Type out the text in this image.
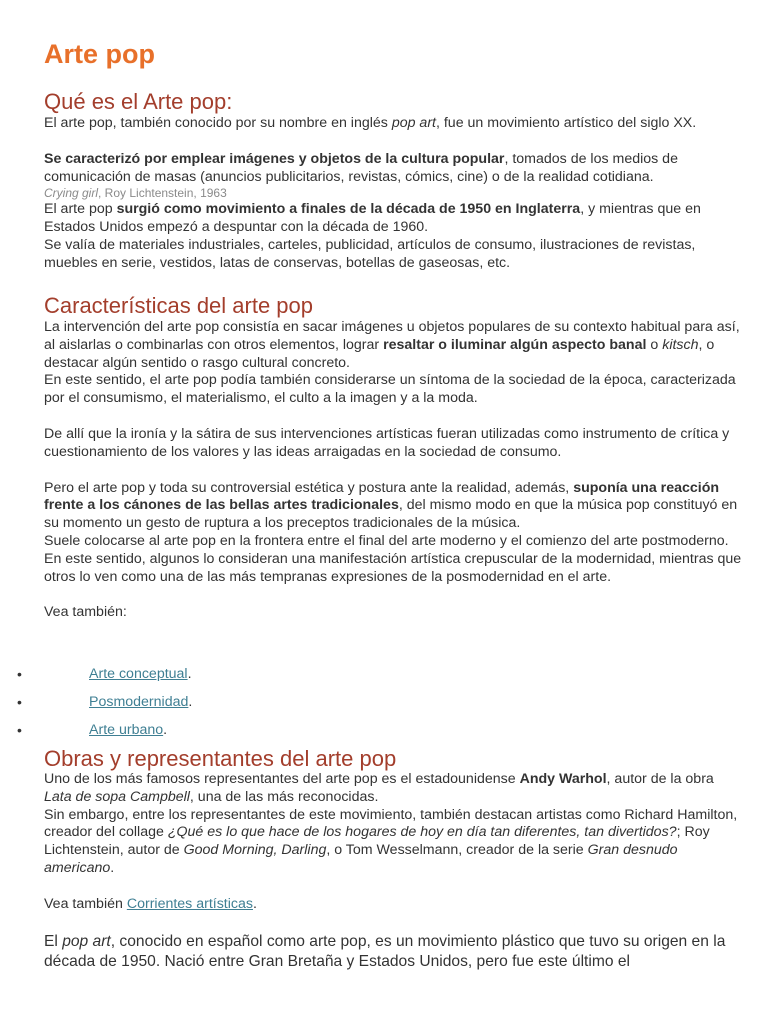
Arte pop
Qué es el Arte pop:

El arte pop, también conocido por su nombre en inglés pop art, fue un movimiento artístico del siglo XX.

Se caracterizó por emplear imágenes y objetos de la cultura popular, tomados de los medios de comunicación de masas (anuncios publicitarios, revistas, cómics, cine) o de la realidad cotidiana.

Crying girl, Roy Lichtenstein, 1963

El arte pop surgió como movimiento a finales de la década de 1950 en Inglaterra, y mientras que en Estados Unidos empezó a despuntar con la década de 1960.

Se valía de materiales industriales, carteles, publicidad, artículos de consumo, ilustraciones de revistas, muebles en serie, vestidos, latas de conservas, botellas de gaseosas, etc.

Características del arte pop

La intervención del arte pop consistía en sacar imágenes u objetos populares de su contexto habitual para así, al aislarlas o combinarlas con otros elementos, lograr resaltar o iluminar algún aspecto banal o kitsch, o destacar algún sentido o rasgo cultural concreto.

En este sentido, el arte pop podía también considerarse un síntoma de la sociedad de la época, caracterizada por el consumismo, el materialismo, el culto a la imagen y a la moda.

De allí que la ironía y la sátira de sus intervenciones artísticas fueran utilizadas como instrumento de crítica y cuestionamiento de los valores y las ideas arraigadas en la sociedad de consumo.

Pero el arte pop y toda su controversial estética y postura ante la realidad, además, suponía una reacción frente a los cánones de las bellas artes tradicionales, del mismo modo en que la música pop constituyó en su momento un gesto de ruptura a los preceptos tradicionales de la música.

Suele colocarse al arte pop en la frontera entre el final del arte moderno y el comienzo del arte postmoderno. En este sentido, algunos lo consideran una manifestación artística crepuscular de la modernidad, mientras que otros lo ven como una de las más tempranas expresiones de la posmodernidad en el arte.

Vea también:

•	Arte conceptual.
•	Posmodernidad.
•	Arte urbano.
Obras y representantes del arte pop

Uno de los más famosos representantes del arte pop es el estadounidense Andy Warhol, autor de la obra Lata de sopa Campbell, una de las más reconocidas.

Sin embargo, entre los representantes de este movimiento, también destacan artistas como Richard Hamilton, creador del collage ¿Qué es lo que hace de los hogares de hoy en día tan diferentes, tan divertidos?; Roy Lichtenstein, autor de Good Morning, Darling, o Tom Wesselmann, creador de la serie Gran desnudo americano.

Vea también Corrientes artísticas.

El pop art, conocido en español como arte pop, es un movimiento plástico que tuvo su origen en la década de 1950. Nació entre Gran Bretaña y Estados Unidos, pero fue este último el
